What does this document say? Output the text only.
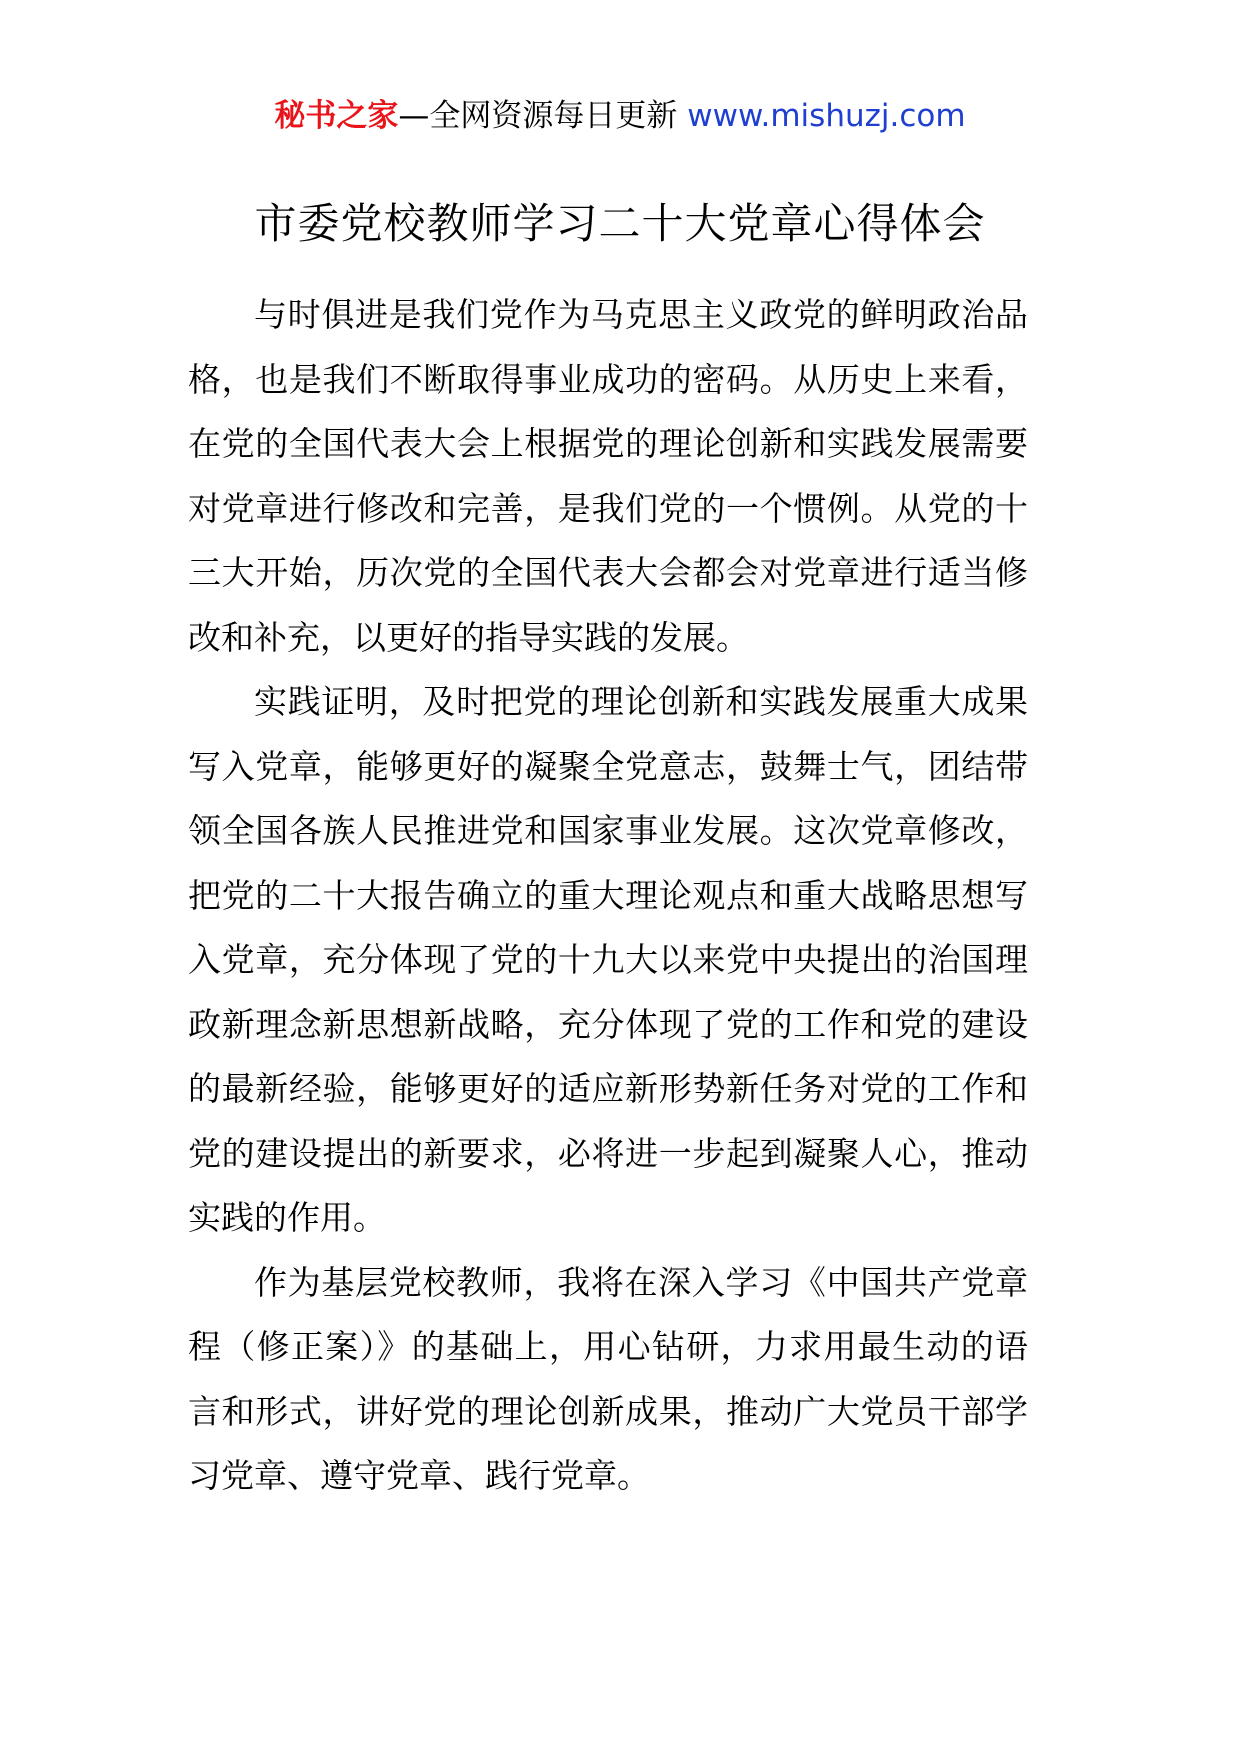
秘书之家—全网资源每日更新 www.mishuzj.com
市委党校教师学习二十大党章心得体会

与时俱进是我们党作为马克思主义政党的鲜明政治品格，也是我们不断取得事业成功的密码。从历史上来看，在党的全国代表大会上根据党的理论创新和实践发展需要对党章进行修改和完善，是我们党的一个惯例。从党的十三大开始，历次党的全国代表大会都会对党章进行适当修改和补充，以更好的指导实践的发展。

实践证明，及时把党的理论创新和实践发展重大成果写入党章，能够更好的凝聚全党意志，鼓舞士气，团结带领全国各族人民推进党和国家事业发展。这次党章修改，把党的二十大报告确立的重大理论观点和重大战略思想写入党章，充分体现了党的十九大以来党中央提出的治国理政新理念新思想新战略，充分体现了党的工作和党的建设的最新经验，能够更好的适应新形势新任务对党的工作和党的建设提出的新要求，必将进一步起到凝聚人心，推动实践的作用。

作为基层党校教师，我将在深入学习《中国共产党章程（修正案）》的基础上，用心钻研，力求用最生动的语言和形式，讲好党的理论创新成果，推动广大党员干部学习党章、遵守党章、践行党章。
